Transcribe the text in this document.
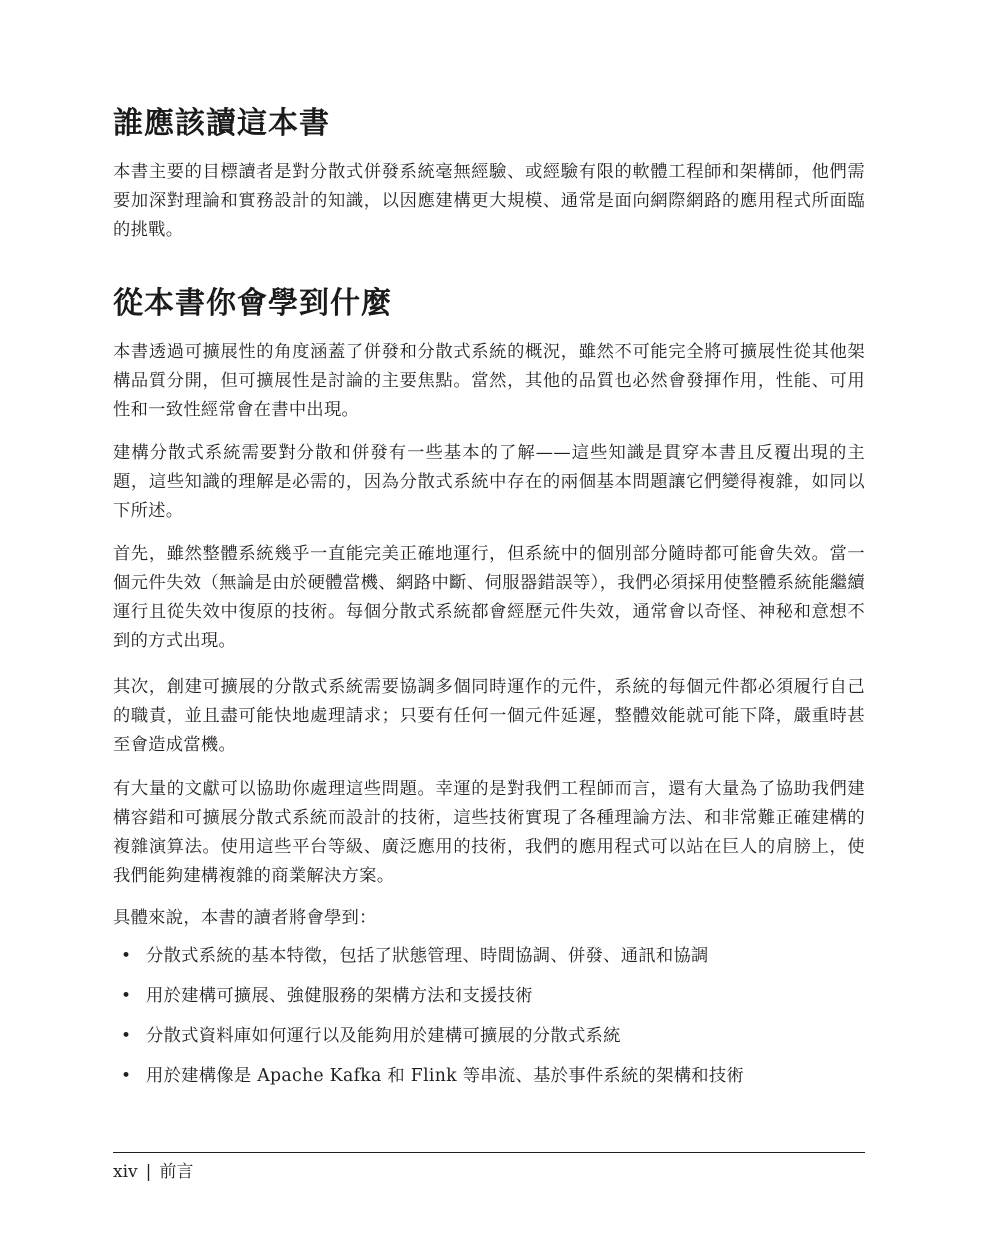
誰應該讀這本書

本書主要的目標讀者是對分散式併發系統毫無經驗、或經驗有限的軟體工程師和架構師，他們需要加深對理論和實務設計的知識，以因應建構更大規模、通常是面向網際網路的應用程式所面臨的挑戰。

從本書你會學到什麼

本書透過可擴展性的角度涵蓋了併發和分散式系統的概況，雖然不可能完全將可擴展性從其他架構品質分開，但可擴展性是討論的主要焦點。當然，其他的品質也必然會發揮作用，性能、可用性和一致性經常會在書中出現。

建構分散式系統需要對分散和併發有一些基本的了解——這些知識是貫穿本書且反覆出現的主題，這些知識的理解是必需的，因為分散式系統中存在的兩個基本問題讓它們變得複雜，如同以下所述。

首先，雖然整體系統幾乎一直能完美正確地運行，但系統中的個別部分隨時都可能會失效。當一個元件失效（無論是由於硬體當機、網路中斷、伺服器錯誤等），我們必須採用使整體系統能繼續運行且從失效中復原的技術。每個分散式系統都會經歷元件失效，通常會以奇怪、神秘和意想不到的方式出現。

其次，創建可擴展的分散式系統需要協調多個同時運作的元件，系統的每個元件都必須履行自己的職責，並且盡可能快地處理請求；只要有任何一個元件延遲，整體效能就可能下降，嚴重時甚至會造成當機。

有大量的文獻可以協助你處理這些問題。幸運的是對我們工程師而言，還有大量為了協助我們建構容錯和可擴展分散式系統而設計的技術，這些技術實現了各種理論方法、和非常難正確建構的複雜演算法。使用這些平台等級、廣泛應用的技術，我們的應用程式可以站在巨人的肩膀上，使我們能夠建構複雜的商業解決方案。

具體來說，本書的讀者將會學到：

• 分散式系統的基本特徵，包括了狀態管理、時間協調、併發、通訊和協調
• 用於建構可擴展、強健服務的架構方法和支援技術
• 分散式資料庫如何運行以及能夠用於建構可擴展的分散式系統
• 用於建構像是 Apache Kafka 和 Flink 等串流、基於事件系統的架構和技術
xiv | 前言
